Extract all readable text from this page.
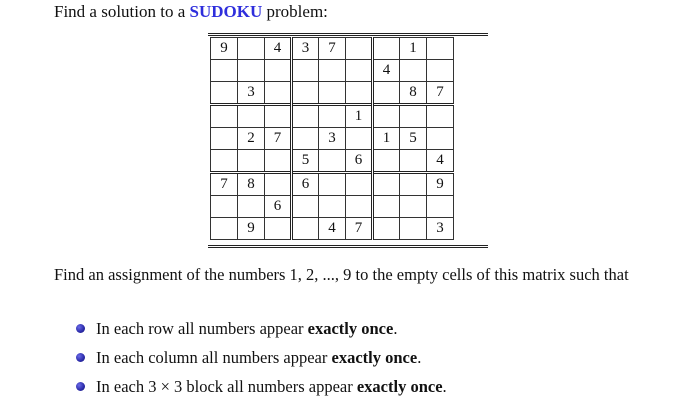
Find a solution to a SUDOKU problem:
9		4	3	7			1	
						4		
	3						8	7
					1			
	2	7		3		1	5	
			5		6			4
7	8		6					9
		6						
	9			4	7			3
Find an assignment of the numbers 1, 2, ..., 9 to the empty cells of this matrix such that
In each row all numbers appear exactly once.
In each column all numbers appear exactly once.
In each 3 × 3 block all numbers appear exactly once.
